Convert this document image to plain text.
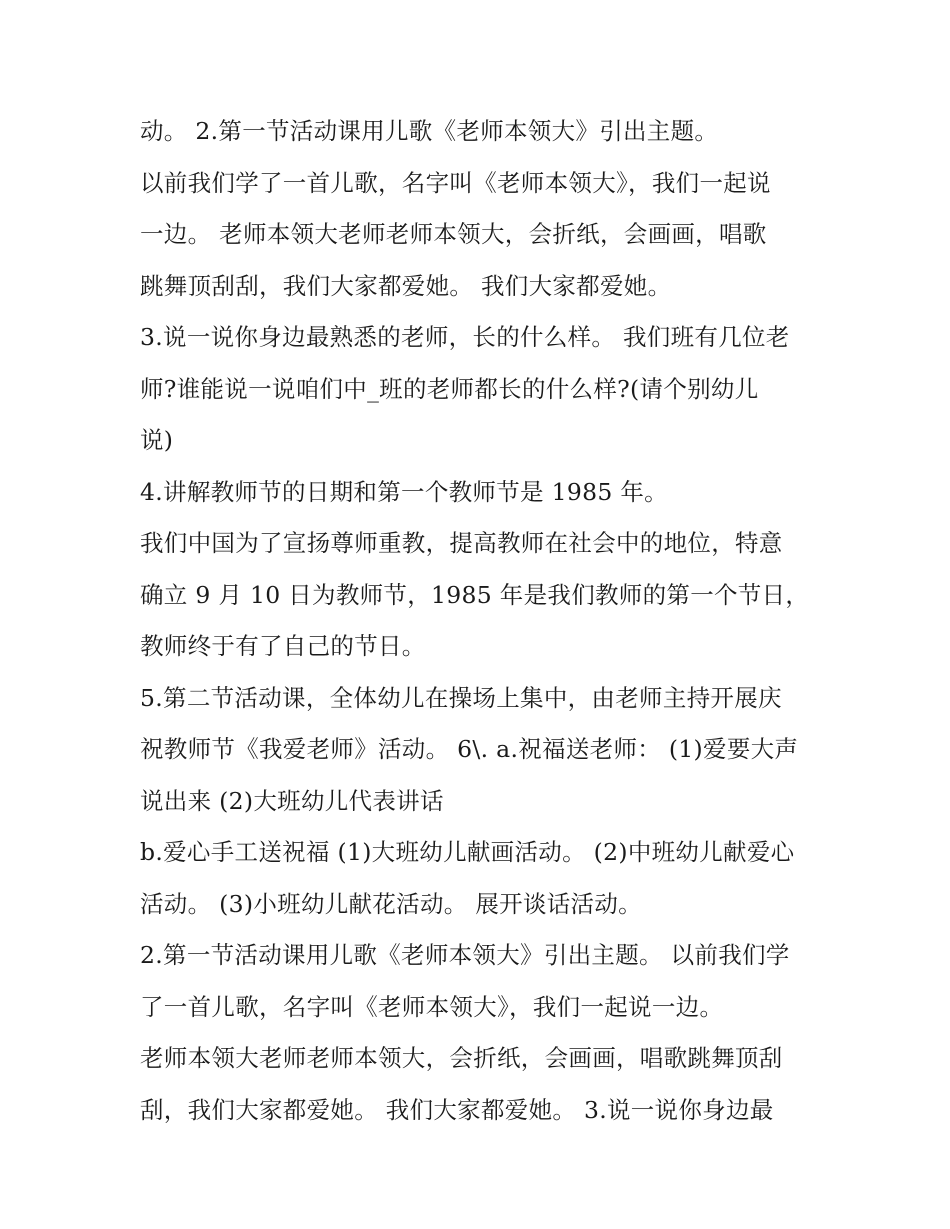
动。 2.第一节活动课用儿歌《老师本领大》引出主题。
以前我们学了一首儿歌，名字叫《老师本领大》，我们一起说
一边。 老师本领大老师老师本领大，会折纸，会画画，唱歌
跳舞顶刮刮，我们大家都爱她。 我们大家都爱她。
3.说一说你身边最熟悉的老师，长的什么样。 我们班有几位老
师?谁能说一说咱们中_班的老师都长的什么样?(请个别幼儿
说)
4.讲解教师节的日期和第一个教师节是 1985 年。
我们中国为了宣扬尊师重教，提高教师在社会中的地位，特意
确立 9 月 10 日为教师节，1985 年是我们教师的第一个节日，
教师终于有了自己的节日。
5.第二节活动课，全体幼儿在操场上集中，由老师主持开展庆
祝教师节《我爱老师》活动。 6\. a.祝福送老师： (1)爱要大声
说出来 (2)大班幼儿代表讲话
b.爱心手工送祝福 (1)大班幼儿献画活动。 (2)中班幼儿献爱心
活动。 (3)小班幼儿献花活动。 展开谈话活动。
2.第一节活动课用儿歌《老师本领大》引出主题。 以前我们学
了一首儿歌，名字叫《老师本领大》，我们一起说一边。
老师本领大老师老师本领大，会折纸，会画画，唱歌跳舞顶刮
刮，我们大家都爱她。 我们大家都爱她。 3.说一说你身边最
